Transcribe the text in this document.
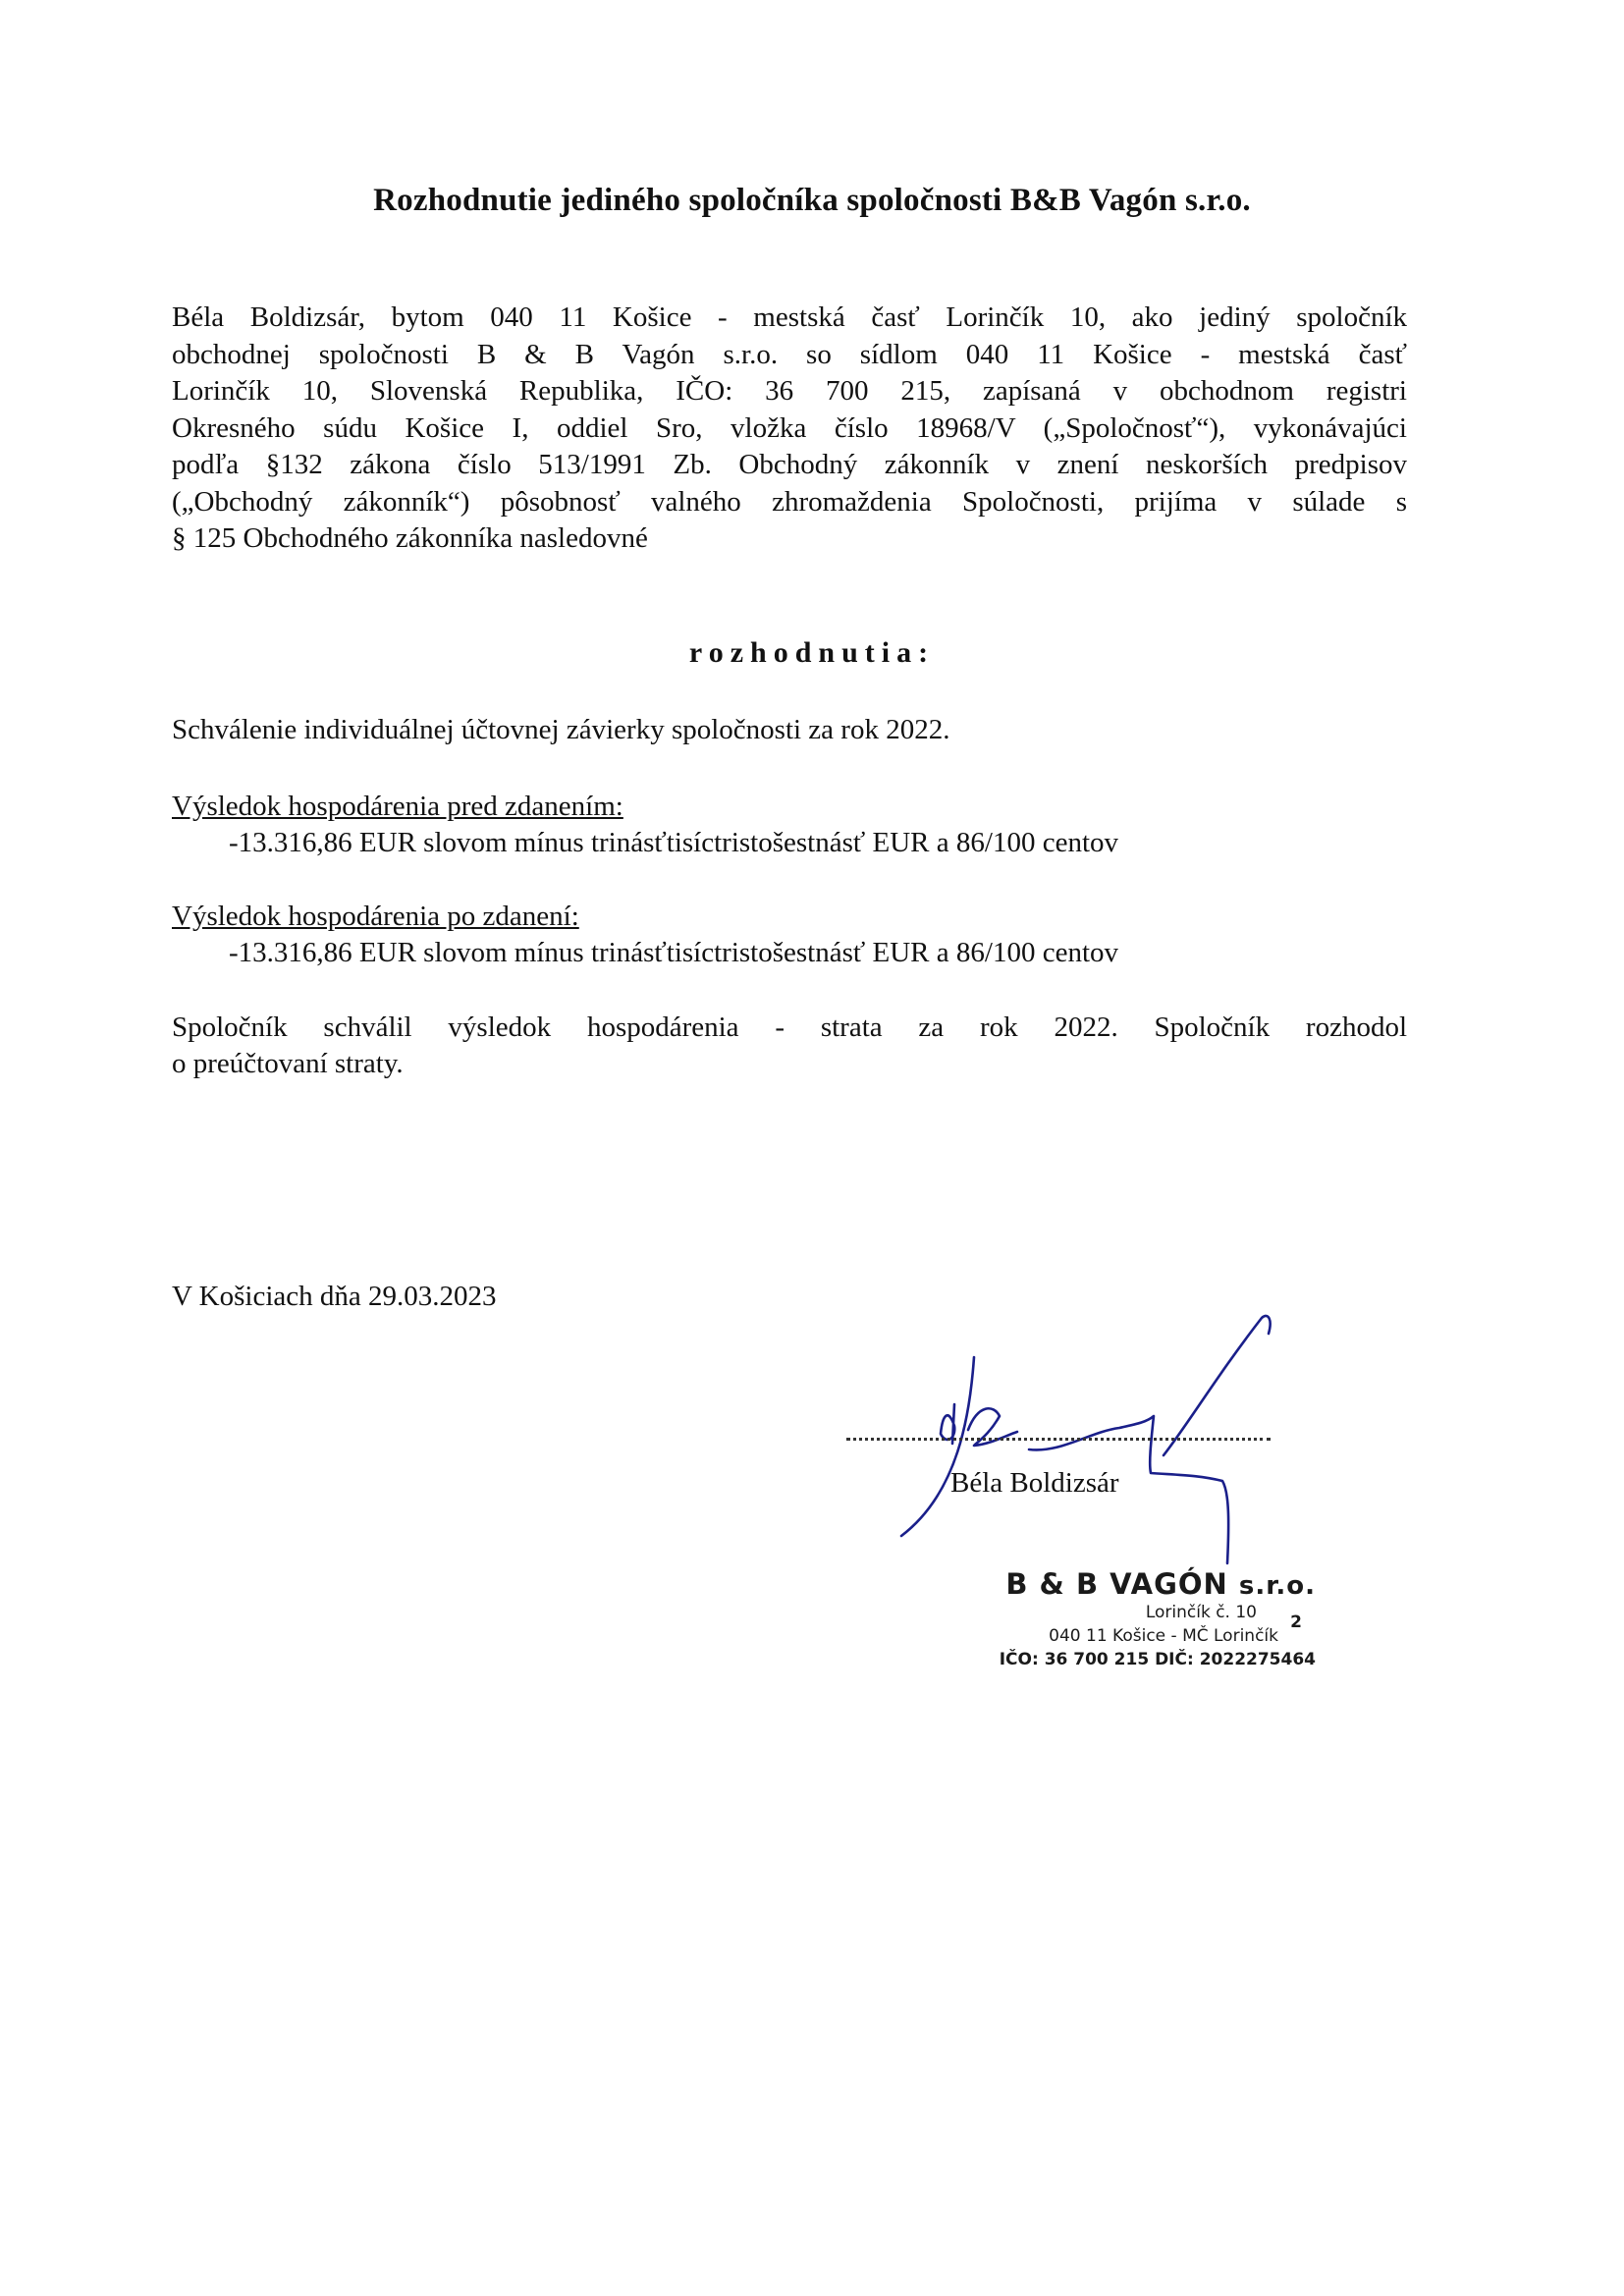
Rozhodnutie jediného spoločníka spoločnosti B&B Vagón s.r.o.
Béla Boldizsár, bytom 040 11 Košice - mestská časť Lorinčík 10, ako jediný spoločník
obchodnej spoločnosti B & B Vagón s.r.o. so sídlom 040 11 Košice - mestská časť
Lorinčík 10, Slovenská Republika, IČO: 36 700 215, zapísaná v obchodnom registri
Okresného súdu Košice I, oddiel Sro, vložka číslo 18968/V („Spoločnosť“), vykonávajúci
podľa §132 zákona číslo 513/1991 Zb. Obchodný zákonník v znení neskorších predpisov
(„Obchodný zákonník“) pôsobnosť valného zhromaždenia Spoločnosti, prijíma v súlade s
§ 125 Obchodného zákonníka nasledovné
rozhodnutia:
Schválenie individuálnej účtovnej závierky spoločnosti za rok 2022.
Výsledok hospodárenia pred zdanením:
-13.316,86 EUR slovom mínus trinásťtisíctristošestnásť EUR a 86/100 centov
Výsledok hospodárenia po zdanení:
-13.316,86 EUR slovom mínus trinásťtisíctristošestnásť EUR a 86/100 centov
Spoločník schválil výsledok hospodárenia - strata za rok 2022. Spoločník rozhodol
o preúčtovaní straty.
V Košiciach dňa 29.03.2023
Béla Boldizsár
B & B VAGÓN s.r.o.
Lorinčík č. 10	2
040 11 Košice - MČ Lorinčík
IČO: 36 700 215 DIČ: 2022275464
